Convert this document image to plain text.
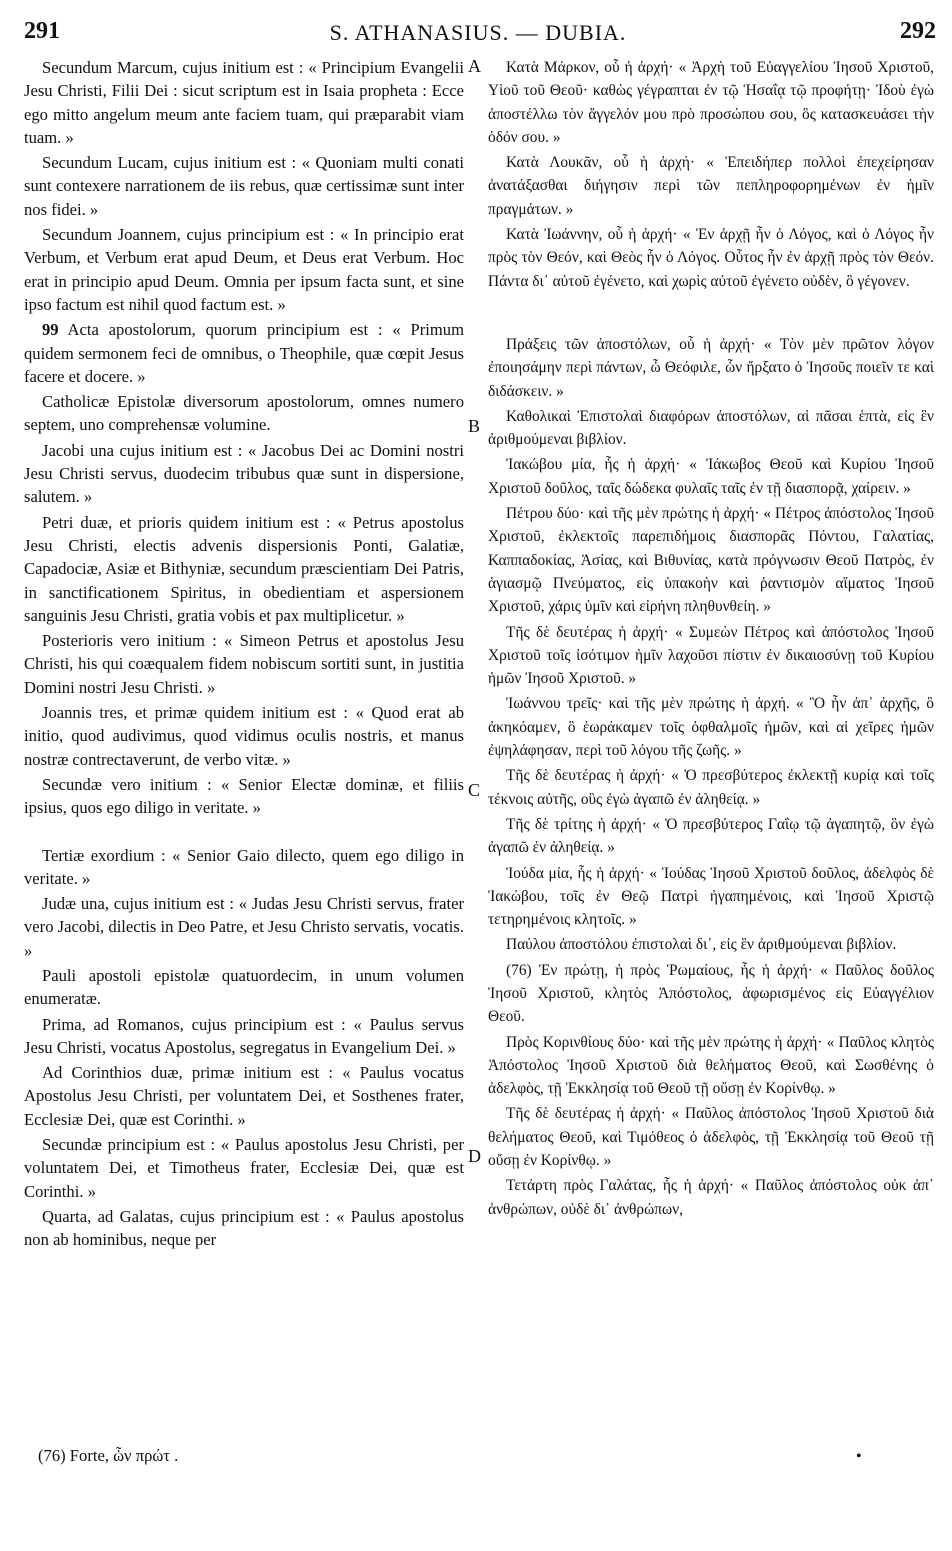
291	S. ATHANASIUS. — DUBIA.	292

Secundum Marcum, cujus initium est : « Principium Evangelii Jesu Christi, Filii Dei : sicut scriptum est in Isaia propheta : Ecce ego mitto angelum meum ante faciem tuam, qui præparabit viam tuam. »

Secundum Lucam, cujus initium est : « Quoniam multi conati sunt contexere narrationem de iis rebus, quæ certissimæ sunt inter nos fidei. »

Secundum Joannem, cujus principium est : « In principio erat Verbum, et Verbum erat apud Deum, et Deus erat Verbum. Hoc erat in principio apud Deum. Omnia per ipsum facta sunt, et sine ipso factum est nihil quod factum est. »

99 Acta apostolorum, quorum principium est : « Primum quidem sermonem feci de omnibus, o Theophile, quæ cœpit Jesus facere et docere. »

Catholicæ Epistolæ diversorum apostolorum, omnes numero septem, uno comprehensæ volumine.

Jacobi una cujus initium est : « Jacobus Dei ac Domini nostri Jesu Christi servus, duodecim tribubus quæ sunt in dispersione, salutem. »

Petri duæ, et prioris quidem initium est : « Petrus apostolus Jesu Christi, electis advenis dispersionis Ponti, Galatiæ, Capadociæ, Asiæ et Bithyniæ, secundum præscientiam Dei Patris, in sanctificationem Spiritus, in obedientiam et aspersionem sanguinis Jesu Christi, gratia vobis et pax multiplicetur. »

Posterioris vero initium : « Simeon Petrus et apostolus Jesu Christi, his qui coæqualem fidem nobiscum sortiti sunt, in justitia Domini nostri Jesu Christi. »

Joannis tres, et primæ quidem initium est : « Quod erat ab initio, quod audivimus, quod vidimus oculis nostris, et manus nostræ contrectaverunt, de verbo vitæ. »

Secundæ vero initium : « Senior Electæ dominæ, et filiis ipsius, quos ego diligo in veritate. »

Tertiæ exordium : « Senior Gaio dilecto, quem ego diligo in veritate. »

Judæ una, cujus initium est : « Judas Jesu Christi servus, frater vero Jacobi, dilectis in Deo Patre, et Jesu Christo servatis, vocatis. »

Pauli apostoli epistolæ quatuordecim, in unum volumen enumeratæ.

Prima, ad Romanos, cujus principium est : « Paulus servus Jesu Christi, vocatus Apostolus, segregatus in Evangelium Dei. »

Ad Corinthios duæ, primæ initium est : « Paulus vocatus Apostolus Jesu Christi, per voluntatem Dei, et Sosthenes frater, Ecclesiæ Dei, quæ est Corinthi. »

Secundæ principium est : « Paulus apostolus Jesu Christi, per voluntatem Dei, et Timotheus frater, Ecclesiæ Dei, quæ est Corinthi. »

Quarta, ad Galatas, cujus principium est : « Paulus apostolus non ab hominibus, neque per

A
B
C
D

Κατὰ Μάρκον, οὗ ἡ ἀρχή· « Ἀρχὴ τοῦ Εὐαγγελίου Ἰησοῦ Χριστοῦ, Υἱοῦ τοῦ Θεοῦ· καθὼς γέγραπται ἐν τῷ Ἡσαΐᾳ τῷ προφήτῃ· Ἰδοὺ ἐγὼ ἀποστέλλω τὸν ἄγγελόν μου πρὸ προσώπου σου, ὃς κατασκευάσει τὴν ὁδόν σου. »

Κατὰ Λουκᾶν, οὗ ἡ ἀρχή· « Ἐπειδήπερ πολλοὶ ἐπεχείρησαν ἀνατάξασθαι διήγησιν περὶ τῶν πεπληροφορημένων ἐν ἡμῖν πραγμάτων. »

Κατὰ Ἰωάννην, οὗ ἡ ἀρχή· « Ἐν ἀρχῇ ἦν ὁ Λόγος, καὶ ὁ Λόγος ἦν πρὸς τὸν Θεόν, καὶ Θεὸς ἦν ὁ Λόγος. Οὗτος ἦν ἐν ἀρχῇ πρὸς τὸν Θεόν. Πάντα δι᾿ αὐτοῦ ἐγένετο, καὶ χωρὶς αὐτοῦ ἐγένετο οὐδὲν, ὃ γέγονεν.

Πράξεις τῶν ἀποστόλων, οὗ ἡ ἀρχή· « Τὸν μὲν πρῶτον λόγον ἐποιησάμην περὶ πάντων, ὦ Θεόφιλε, ὧν ἤρξατο ὁ Ἰησοῦς ποιεῖν τε καὶ διδάσκειν. »

Καθολικαὶ Ἐπιστολαὶ διαφόρων ἀποστόλων, αἱ πᾶσαι ἑπτὰ, εἰς ἓν ἀριθμούμεναι βιβλίον.

Ἰακώβου μία, ἧς ἡ ἀρχή· « Ἰάκωβος Θεοῦ καὶ Κυρίου Ἰησοῦ Χριστοῦ δοῦλος, ταῖς δώδεκα φυλαῖς ταῖς ἐν τῇ διασπορᾷ, χαίρειν. »

Πέτρου δύο· καὶ τῆς μὲν πρώτης ἡ ἀρχή· « Πέτρος ἀπόστολος Ἰησοῦ Χριστοῦ, ἐκλεκτοῖς παρεπιδήμοις διασπορᾶς Πόντου, Γαλατίας, Καππαδοκίας, Ἀσίας, καὶ Βιθυνίας, κατὰ πρόγνωσιν Θεοῦ Πατρὸς, ἐν ἁγιασμῷ Πνεύματος, εἰς ὑπακοὴν καὶ ῥαντισμὸν αἵματος Ἰησοῦ Χριστοῦ, χάρις ὑμῖν καὶ εἰρήνη πληθυνθείη. »

Τῆς δὲ δευτέρας ἡ ἀρχή· « Συμεὼν Πέτρος καὶ ἀπόστολος Ἰησοῦ Χριστοῦ τοῖς ἰσότιμον ἡμῖν λαχοῦσι πίστιν ἐν δικαιοσύνῃ τοῦ Κυρίου ἡμῶν Ἰησοῦ Χριστοῦ. »

Ἰωάννου τρεῖς· καὶ τῆς μὲν πρώτης ἡ ἀρχή. « Ὃ ἦν ἀπ᾿ ἀρχῆς, ὃ ἀκηκόαμεν, ὃ ἑωράκαμεν τοῖς ὀφθαλμοῖς ἡμῶν, καὶ αἱ χεῖρες ἡμῶν ἐψηλάφησαν, περὶ τοῦ λόγου τῆς ζωῆς. »

Τῆς δὲ δευτέρας ἡ ἀρχή· « Ὁ πρεσβύτερος ἐκλεκτῇ κυρίᾳ καὶ τοῖς τέκνοις αὐτῆς, οὓς ἐγὼ ἀγαπῶ ἐν ἀληθείᾳ. »

Τῆς δὲ τρίτης ἡ ἀρχή· « Ὁ πρεσβύτερος Γαΐῳ τῷ ἀγαπητῷ, ὃν ἐγὼ ἀγαπῶ ἐν ἀληθείᾳ. »

Ἰούδα μία, ἧς ἡ ἀρχή· « Ἰούδας Ἰησοῦ Χριστοῦ δοῦλος, ἀδελφὸς δὲ Ἰακώβου, τοῖς ἐν Θεῷ Πατρὶ ἠγαπημένοις, καὶ Ἰησοῦ Χριστῷ τετηρημένοις κλητοῖς. »

Παύλου ἀποστόλου ἐπιστολαὶ δι᾿, εἰς ἓν ἀριθμούμεναι βιβλίον.

(76) Ἐν πρώτῃ, ἡ πρὸς Ῥωμαίους, ἧς ἡ ἀρχή· « Παῦλος δοῦλος Ἰησοῦ Χριστοῦ, κλητὸς Ἀπόστολος, ἀφωρισμένος εἰς Εὐαγγέλιον Θεοῦ.

Πρὸς Κορινθίους δύο· καὶ τῆς μὲν πρώτης ἡ ἀρχή· « Παῦλος κλητὸς Ἀπόστολος Ἰησοῦ Χριστοῦ διὰ θελήματος Θεοῦ, καὶ Σωσθένης ὁ ἀδελφὸς, τῇ Ἐκκλησίᾳ τοῦ Θεοῦ τῇ οὔσῃ ἐν Κορίνθῳ. »

Τῆς δὲ δευτέρας ἡ ἀρχή· « Παῦλος ἀπόστολος Ἰησοῦ Χριστοῦ διὰ θελήματος Θεοῦ, καὶ Τιμόθεος ὁ ἀδελφὸς, τῇ Ἐκκλησίᾳ τοῦ Θεοῦ τῇ οὔσῃ ἐν Κορίνθῳ. »

Τετάρτη πρὸς Γαλάτας, ἧς ἡ ἀρχή· « Παῦλος ἀπόστολος οὐκ ἀπ᾿ ἀνθρώπων, οὐδὲ δι᾿ ἀνθρώπων,

(76) Forte, ὧν πρώτ .	•
